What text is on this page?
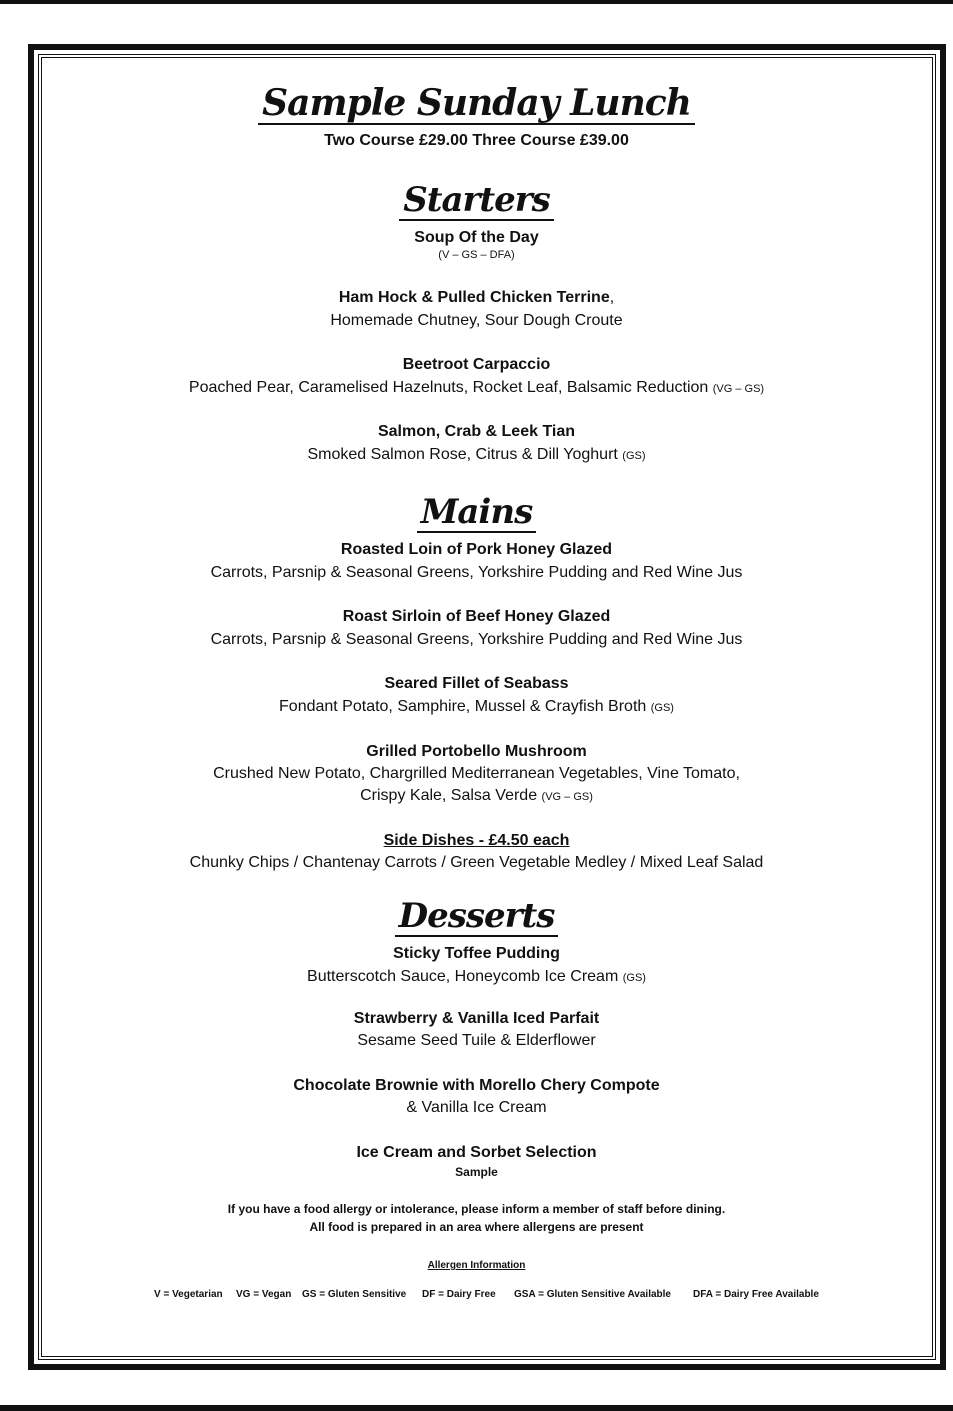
Sample Sunday Lunch
Two Course £29.00 Three Course £39.00
Starters
Soup Of the Day
(V – GS – DFA)
Ham Hock & Pulled Chicken Terrine,
Homemade Chutney, Sour Dough Croute
Beetroot Carpaccio
Poached Pear, Caramelised Hazelnuts, Rocket Leaf, Balsamic Reduction (VG – GS)
Salmon, Crab & Leek Tian
Smoked Salmon Rose, Citrus & Dill Yoghurt (GS)
Mains
Roasted Loin of Pork Honey Glazed
Carrots, Parsnip & Seasonal Greens, Yorkshire Pudding and Red Wine Jus
Roast Sirloin of Beef Honey Glazed
Carrots, Parsnip & Seasonal Greens, Yorkshire Pudding and Red Wine Jus
Seared Fillet of Seabass
Fondant Potato, Samphire, Mussel & Crayfish Broth (GS)
Grilled Portobello Mushroom
Crushed New Potato, Chargrilled Mediterranean Vegetables, Vine Tomato,
Crispy Kale, Salsa Verde (VG – GS)
Side Dishes - £4.50 each
Chunky Chips / Chantenay Carrots / Green Vegetable Medley / Mixed Leaf Salad
Desserts
Sticky Toffee Pudding
Butterscotch Sauce, Honeycomb Ice Cream (GS)
Strawberry & Vanilla Iced Parfait
Sesame Seed Tuile & Elderflower
Chocolate Brownie with Morello Chery Compote
& Vanilla Ice Cream
Ice Cream and Sorbet Selection
Sample
If you have a food allergy or intolerance, please inform a member of staff before dining.
All food is prepared in an area where allergens are present
Allergen Information
V = Vegetarian VG = Vegan GS = Gluten Sensitive DF = Dairy Free GSA = Gluten Sensitive Available DFA = Dairy Free Available
